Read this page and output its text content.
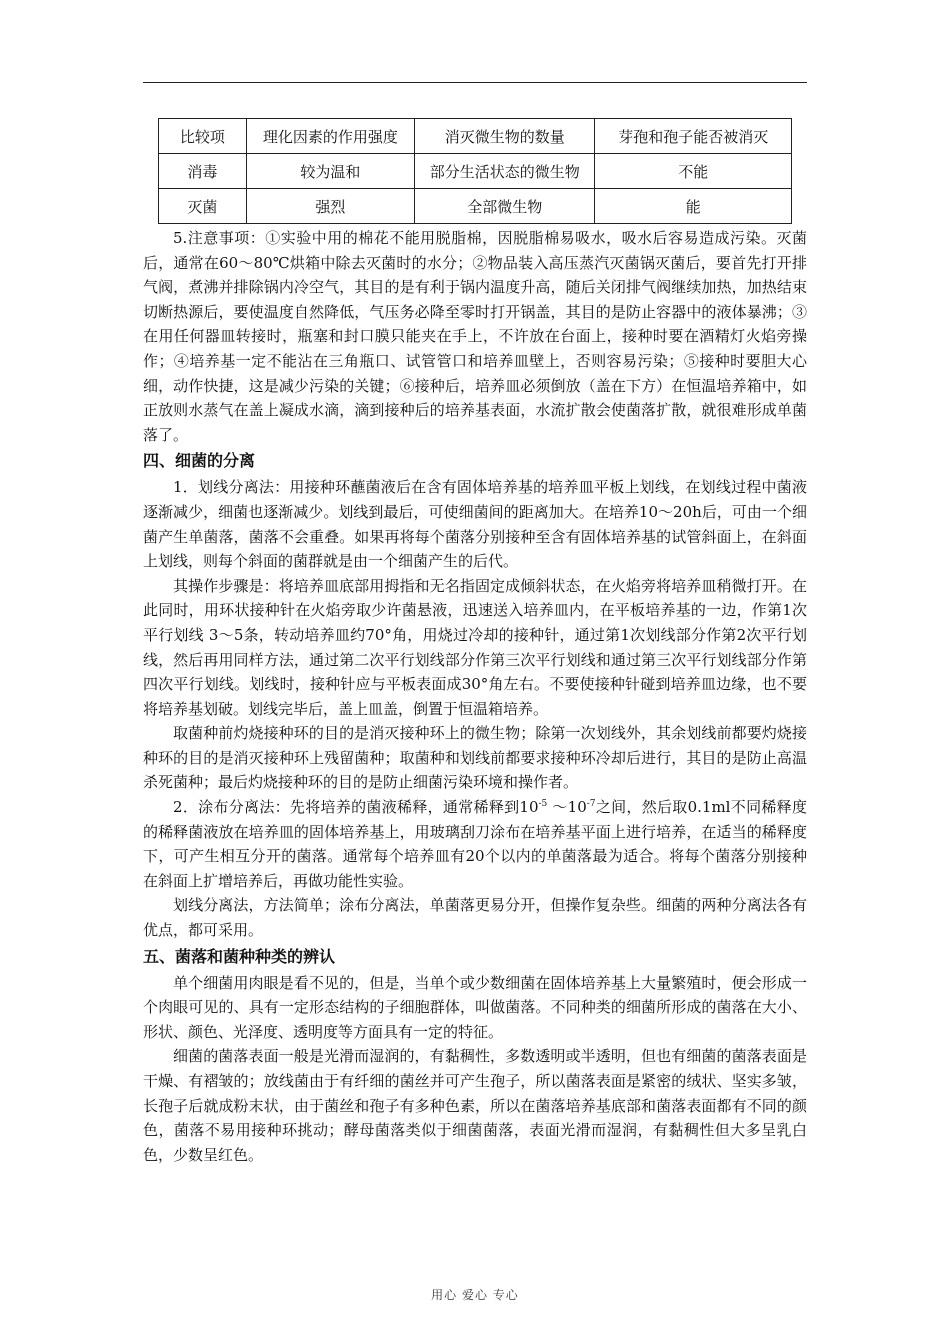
比较项	理化因素的作用强度	消灭微生物的数量	芽孢和孢子能否被消灭
消毒	较为温和	部分生活状态的微生物	不能
灭菌	强烈	全部微生物	能

5.注意事项：①实验中用的棉花不能用脱脂棉，因脱脂棉易吸水，吸水后容易造成污染。灭菌后，通常在60～80℃烘箱中除去灭菌时的水分；②物品装入高压蒸汽灭菌锅灭菌后，要首先打开排气阀，煮沸并排除锅内冷空气，其目的是有利于锅内温度升高，随后关闭排气阀继续加热，加热结束切断热源后，要使温度自然降低，气压务必降至零时打开锅盖，其目的是防止容器中的液体暴沸；③在用任何器皿转接时，瓶塞和封口膜只能夹在手上，不许放在台面上，接种时要在酒精灯火焰旁操作；④培养基一定不能沾在三角瓶口、试管管口和培养皿壁上，否则容易污染；⑤接种时要胆大心细，动作快捷，这是减少污染的关键；⑥接种后，培养皿必须倒放（盖在下方）在恒温培养箱中，如正放则水蒸气在盖上凝成水滴，滴到接种后的培养基表面，水流扩散会使菌落扩散，就很难形成单菌落了。

四、细菌的分离

1．划线分离法：用接种环蘸菌液后在含有固体培养基的培养皿平板上划线，在划线过程中菌液逐渐减少，细菌也逐渐减少。划线到最后，可使细菌间的距离加大。在培养10～20h后，可由一个细菌产生单菌落，菌落不会重叠。如果再将每个菌落分别接种至含有固体培养基的试管斜面上，在斜面上划线，则每个斜面的菌群就是由一个细菌产生的后代。

其操作步骤是：将培养皿底部用拇指和无名指固定成倾斜状态，在火焰旁将培养皿稍微打开。在此同时，用环状接种针在火焰旁取少许菌悬液，迅速送入培养皿内，在平板培养基的一边，作第1次平行划线 3～5条，转动培养皿约70°角，用烧过冷却的接种针，通过第1次划线部分作第2次平行划线，然后再用同样方法，通过第二次平行划线部分作第三次平行划线和通过第三次平行划线部分作第四次平行划线。划线时，接种针应与平板表面成30°角左右。不要使接种针碰到培养皿边缘，也不要将培养基划破。划线完毕后，盖上皿盖，倒置于恒温箱培养。

取菌种前灼烧接种环的目的是消灭接种环上的微生物；除第一次划线外，其余划线前都要灼烧接种环的目的是消灭接种环上残留菌种；取菌种和划线前都要求接种环冷却后进行，其目的是防止高温杀死菌种；最后灼烧接种环的目的是防止细菌污染环境和操作者。

2．涂布分离法：先将培养的菌液稀释，通常稀释到$10^{-5}$ $\sim 10^{-7}$之间，然后取0.1ml不同稀释度的稀释菌液放在培养皿的固体培养基上，用玻璃刮刀涂布在培养基平面上进行培养，在适当的稀释度下，可产生相互分开的菌落。通常每个培养皿有20个以内的单菌落最为适合。将每个菌落分别接种在斜面上扩增培养后，再做功能性实验。

划线分离法，方法简单；涂布分离法，单菌落更易分开，但操作复杂些。细菌的两种分离法各有优点，都可采用。

五、菌落和菌种种类的辨认

单个细菌用肉眼是看不见的，但是，当单个或少数细菌在固体培养基上大量繁殖时，便会形成一个肉眼可见的、具有一定形态结构的子细胞群体，叫做菌落。不同种类的细菌所形成的菌落在大小、形状、颜色、光泽度、透明度等方面具有一定的特征。

细菌的菌落表面一般是光滑而湿润的，有黏稠性，多数透明或半透明，但也有细菌的菌落表面是干燥、有褶皱的；放线菌由于有纤细的菌丝并可产生孢子，所以菌落表面是紧密的绒状、坚实多皱，长孢子后就成粉末状，由于菌丝和孢子有多种色素，所以在菌落培养基底部和菌落表面都有不同的颜色，菌落不易用接种环挑动；酵母菌落类似于细菌菌落，表面光滑而湿润，有黏稠性但大多呈乳白色，少数呈红色。

用心 爱心 专心
